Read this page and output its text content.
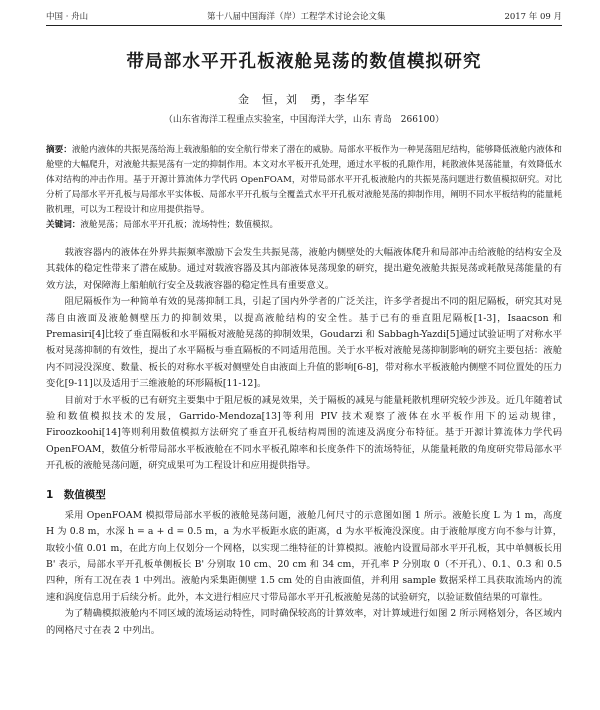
中国 · 舟山	第十八届中国海洋（岸）工程学术讨论会论文集	2017 年 09 月
带局部水平开孔板液舱晃荡的数值模拟研究
金　恒，刘　勇，李华军
（山东省海洋工程重点实验室，中国海洋大学，山东 青岛　266100）
摘要：液舱内液体的共振晃荡给海上载液船舶的安全航行带来了潜在的威胁。局部水平板作为一种晃荡阻尼结构，能够降低液舱内液体和舱壁的大幅爬升，对液舱共振晃荡有一定的抑制作用。本文对水平板开孔处理，通过水平板的孔隙作用，耗散液体晃荡能量，有效降低水体对结构的冲击作用。基于开源计算流体力学代码 OpenFOAM，对带局部水平开孔板液舱内的共振晃荡问题进行数值模拟研究。对比分析了局部水平开孔板与局部水平实体板、局部水平开孔板与全覆盖式水平开孔板对液舱晃荡的抑制作用，阐明不同水平板结构的能量耗散机理，可以为工程设计和应用提供指导。
关键词：液舱晃荡；局部水平开孔板；流场特性；数值模拟。

载液容器内的液体在外界共振频率激励下会发生共振晃荡，液舱内侧壁处的大幅液体爬升和局部冲击给液舱的结构安全及其载体的稳定性带来了潜在威胁。通过对载液容器及其内部液体晃荡现象的研究，提出避免液舱共振晃荡或耗散晃荡能量的有效方法，对保障海上船舶航行安全及载液容器的稳定性具有重要意义。

阻尼隔板作为一种简单有效的晃荡抑制工具，引起了国内外学者的广泛关注，许多学者提出不同的阻尼隔板，研究其对晃荡自由液面及液舱侧壁压力的抑制效果，以提高液舱结构的安全性。基于已有的垂直阻尼隔板[1-3]，Isaacson 和 Premasiri[4]比较了垂直隔板和水平隔板对液舱晃荡的抑制效果，Goudarzi 和 Sabbagh-Yazdi[5]通过试验证明了对称水平板对晃荡抑制的有效性，提出了水平隔板与垂直隔板的不同适用范围。关于水平板对液舱晃荡抑制影响的研究主要包括：液舱内不同浸没深度、数量、板长的对称水平板对侧壁处自由液面上升值的影响[6-8]，带对称水平板液舱内侧壁不同位置处的压力变化[9-11]以及适用于三维液舱的环形隔板[11-12]。

目前对于水平板的已有研究主要集中于阻尼板的减晃效果，关于隔板的减晃与能量耗散机理研究较少涉及。近几年随着试验和数值模拟技术的发展，Garrido-Mendoza[13]等利用 PIV 技术观察了液体在水平板作用下的运动规律，Firoozkoohi[14]等则利用数值模拟方法研究了垂直开孔板结构周围的流速及涡度分布特征。基于开源计算流体力学代码 OpenFOAM，数值分析带局部水平板液舱在不同水平板孔隙率和长度条件下的流场特征，从能量耗散的角度研究带局部水平开孔板的液舱晃荡问题，研究成果可为工程设计和应用提供指导。

1　数值模型

采用 OpenFOAM 模拟带局部水平板的液舱晃荡问题，液舱几何尺寸的示意图如图 1 所示。液舱长度 L 为 1 m，高度 H 为 0.8 m，水深 h = a + d = 0.5 m，a 为水平板距水底的距离，d 为水平板淹没深度。由于液舱厚度方向不参与计算，取较小值 0.01 m，在此方向上仅划分一个网格，以实现二维特征的计算模拟。液舱内设置局部水平开孔板，其中单侧板长用 B' 表示，局部水平开孔板单侧板长 B' 分别取 10 cm、20 cm 和 34 cm，开孔率 P 分别取 0（不开孔）、0.1、0.3 和 0.5 四种，所有工况在表 1 中列出。液舱内采集距侧壁 1.5 cm 处的自由液面值，并利用 sample 数据采样工具获取流场内的流速和涡度信息用于后续分析。此外，本文进行相应尺寸带局部水平开孔板液舱晃荡的试验研究，以验证数值结果的可靠性。

为了精确模拟液舱内不同区域的流场运动特性，同时确保较高的计算效率，对计算域进行如图 2 所示网格划分，各区域内的网格尺寸在表 2 中列出。
